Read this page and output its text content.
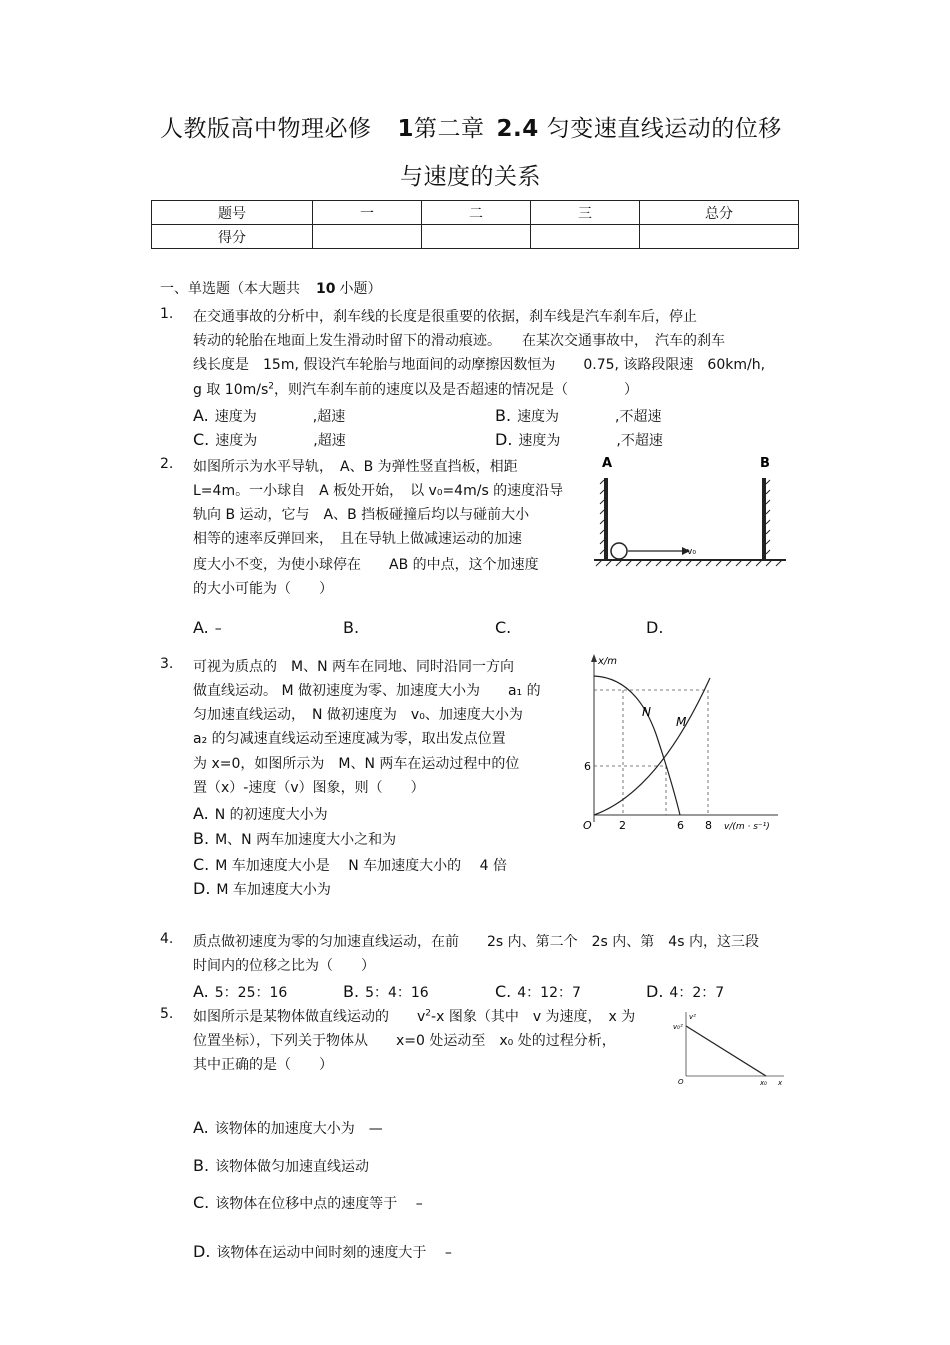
人教版高中物理必修 1第二章 2.4 匀变速直线运动的位移
与速度的关系
题号	一	二	三	总分
得分				
一、单选题（本大题共 10 小题）
1. 在交通事故的分析中，刹车线的长度是很重要的依据，刹车线是汽车刹车后，停止
转动的轮胎在地面上发生滑动时留下的滑动痕迹。　　在某次交通事故中，　汽车的刹车
线长度是　15m, 假设汽车轮胎与地面间的动摩擦因数恒为　　0.75, 该路段限速　60km/h,
g 取 $10m/s^2$，则汽车刹车前的速度以及是否超速的情况是（　　　　）
A. 速度为　　　　,超速	B. 速度为　　　　,不超速
C. 速度为　　　　,超速	D. 速度为　　　　,不超速
2. 如图所示为水平导轨，　A、B 为弹性竖直挡板，相距
L=4m。一小球自　A 板处开始，　以 v₀=4m/s 的速度沿导
轨向 B 运动，它与　A、B 挡板碰撞后均以与碰前大小
相等的速率反弹回来，　且在导轨上做减速运动的加速
度大小不变，为使小球停在　　AB 的中点，这个加速度
的大小可能为（　　）
A	B
v₀
A. –	B.	C.	D.
3. 可视为质点的　M、N 两车在同地、同时沿同一方向
做直线运动。 M 做初速度为零、加速度大小为　　a₁ 的
匀加速直线运动，　N 做初速度为　v₀、加速度大小为
a₂ 的匀减速直线运动至速度减为零，取出发点位置
为 x=0，如图所示为　M、N 两车在运动过程中的位
置（x）-速度（v）图象，则（　　）
A. N 的初速度大小为
B. M、N 两车加速度大小之和为
C. M 车加速度大小是　 N 车加速度大小的　 4 倍
D. M 车加速度大小为
x/m
O 2	6 8 v/(m · s⁻¹)
6
N
M
4. 质点做初速度为零的匀加速直线运动，在前　　2s 内、第二个　2s 内、第　4s 内，这三段
时间内的位移之比为（　　）
A. 5：25：16	B. 5：4：16	C. 4：12：7	D. 4：2：7
5. 如图所示是某物体做直线运动的　　$v^2-x$ 图象（其中　v 为速度，　x 为
位置坐标），下列关于物体从　　x=0 处运动至　x₀ 处的过程分析，
其中正确的是（　　）
v²
v₀²
O	x₀ x
A. 该物体的加速度大小为　—
B. 该物体做匀加速直线运动
C. 该物体在位移中点的速度等于　 –
D. 该物体在运动中间时刻的速度大于　 –
